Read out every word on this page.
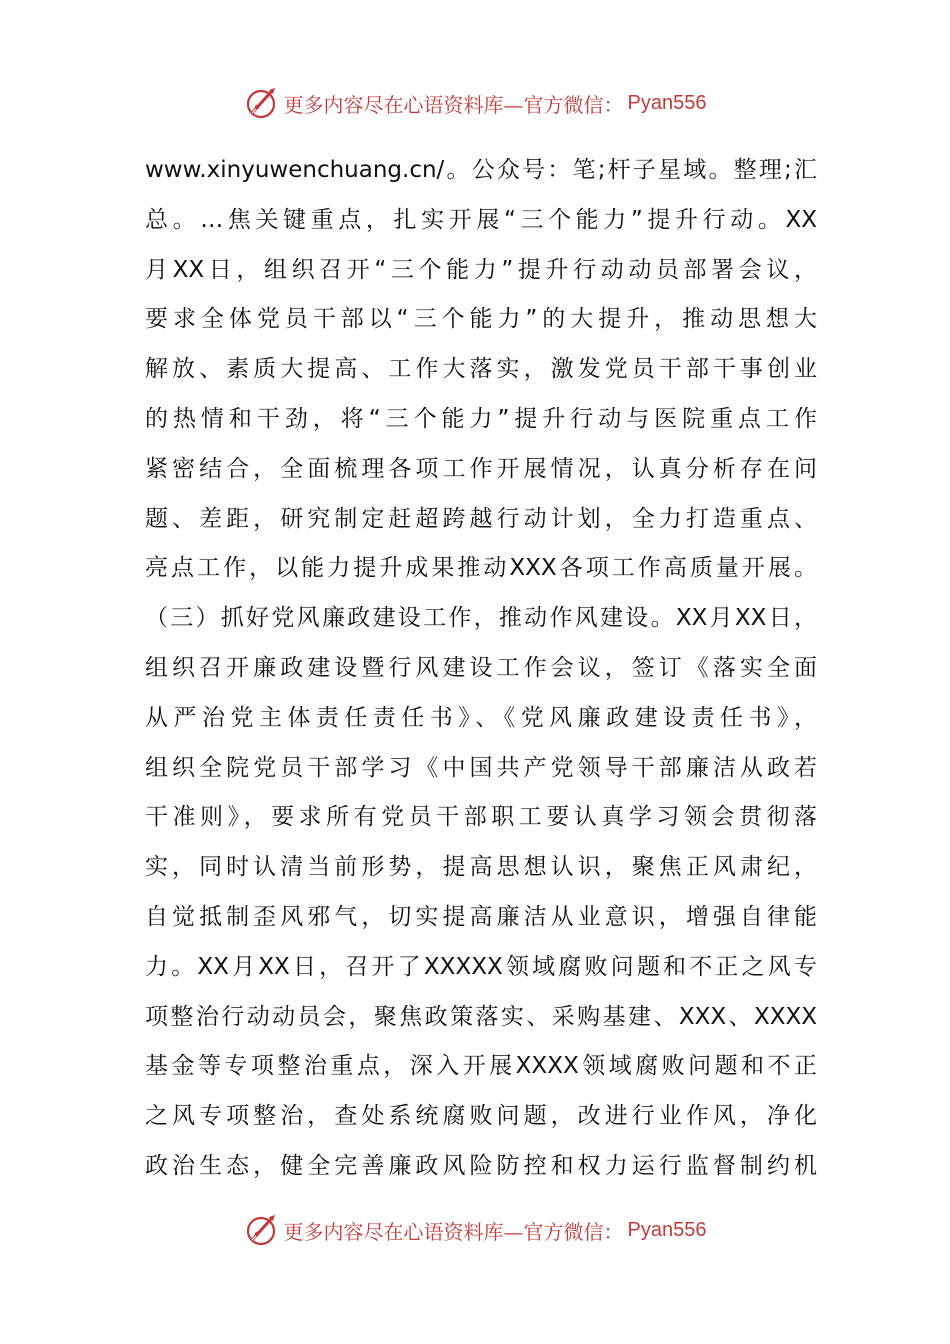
更多内容尽在心语资料库—官方微信： Pyan556
www.xinyuwenchuang.cn/。公众号：笔;杆子星域。整理;汇
总。…焦关键重点，扎实开展“三个能力”提升行动。XX
月XX日，组织召开“三个能力”提升行动动员部署会议，
要求全体党员干部以“三个能力”的大提升，推动思想大
解放、素质大提高、工作大落实，激发党员干部干事创业
的热情和干劲，将“三个能力”提升行动与医院重点工作
紧密结合，全面梳理各项工作开展情况，认真分析存在问
题、差距，研究制定赶超跨越行动计划，全力打造重点、
亮点工作，以能力提升成果推动XXX各项工作高质量开展。
（三）抓好党风廉政建设工作，推动作风建设。XX月XX日，
组织召开廉政建设暨行风建设工作会议，签订《落实全面
从严治党主体责任责任书》、《党风廉政建设责任书》，
组织全院党员干部学习《中国共产党领导干部廉洁从政若
干准则》，要求所有党员干部职工要认真学习领会贯彻落
实，同时认清当前形势，提高思想认识，聚焦正风肃纪，
自觉抵制歪风邪气，切实提高廉洁从业意识，增强自律能
力。XX月XX日，召开了XXXXX领域腐败问题和不正之风专
项整治行动动员会，聚焦政策落实、采购基建、XXX、XXXX
基金等专项整治重点，深入开展XXXX领域腐败问题和不正
之风专项整治，查处系统腐败问题，改进行业作风，净化
政治生态，健全完善廉政风险防控和权力运行监督制约机
更多内容尽在心语资料库—官方微信： Pyan556
